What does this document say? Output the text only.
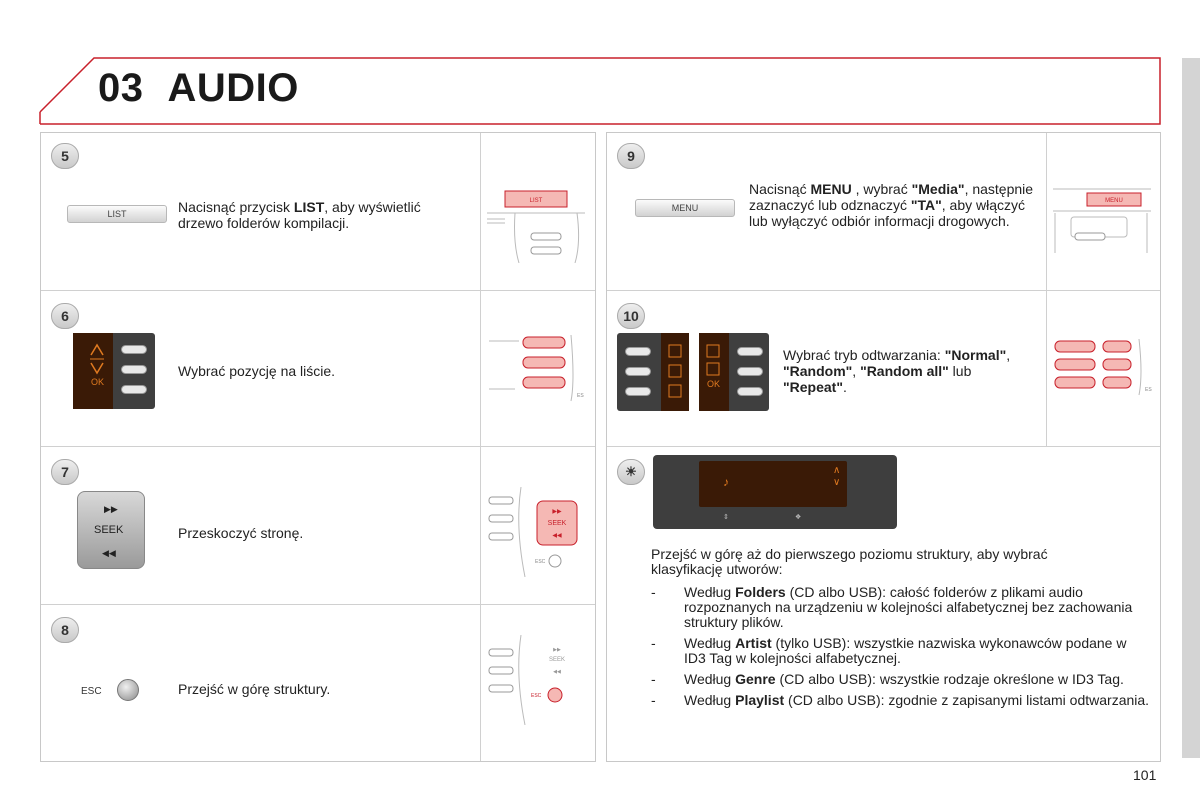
03 AUDIO
5
LIST	Nacisnąć przycisk LIST, aby wyświetlić drzewo folderów kompilacji.
LIST
6
OK
Wybrać pozycję na liście.
ES
7
▶▶
SEEK
◀◀
Przeskoczyć stronę.
▶▶
SEEK
◀◀
ESC
8
ESC	Przejść w górę struktury.
▶▶
SEEK
◀◀
ESC
9
MENU
Nacisnąć MENU , wybrać "Media", następnie zaznaczyć lub odznaczyć "TA", aby włączyć lub wyłączyć odbiór informacji drogowych.
MENU
10
OK
Wybrać tryb odtwarzania: "Normal", "Random", "Random all" lub "Repeat".	ES
☀
♪
∧
∨
⇕	❖
Przejść w górę aż do pierwszego poziomu struktury, aby wybrać klasyfikację utworów:
- Według Folders (CD albo USB): całość folderów z plikami audio rozpoznanych na urządzeniu w kolejności alfabetycznej bez zachowania struktury plików.
- Według Artist (tylko USB): wszystkie nazwiska wykonawców podane w ID3 Tag w kolejności alfabetycznej.
- Według Genre (CD albo USB): wszystkie rodzaje określone w ID3 Tag.
- Według Playlist (CD albo USB): zgodnie z zapisanymi listami odtwarzania.
101
